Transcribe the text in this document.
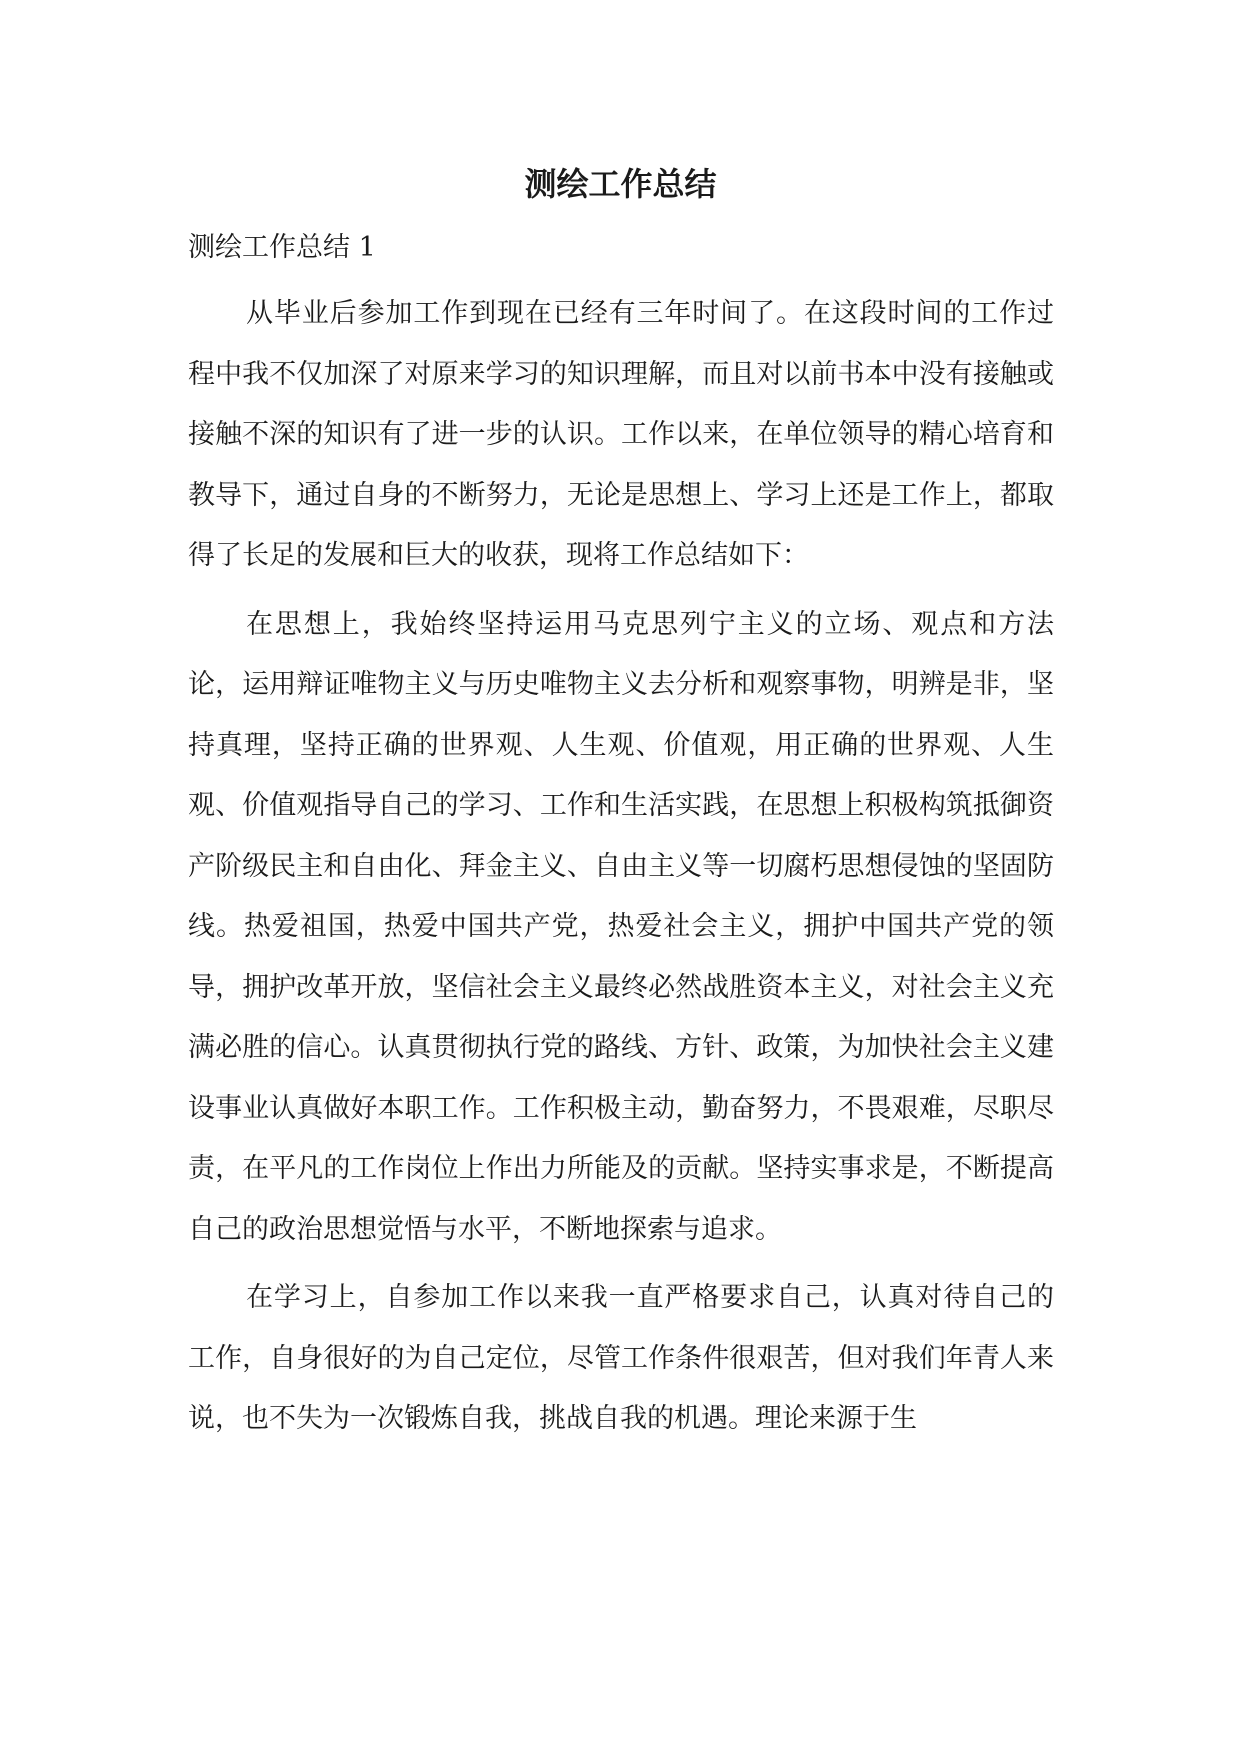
测绘工作总结

测绘工作总结 1

从毕业后参加工作到现在已经有三年时间了。在这段时间的工作过程中我不仅加深了对原来学习的知识理解，而且对以前书本中没有接触或接触不深的知识有了进一步的认识。工作以来，在单位领导的精心培育和教导下，通过自身的不断努力，无论是思想上、学习上还是工作上，都取得了长足的发展和巨大的收获，现将工作总结如下：

在思想上，我始终坚持运用马克思列宁主义的立场、观点和方法论，运用辩证唯物主义与历史唯物主义去分析和观察事物，明辨是非，坚持真理，坚持正确的世界观、人生观、价值观，用正确的世界观、人生观、价值观指导自己的学习、工作和生活实践，在思想上积极构筑抵御资产阶级民主和自由化、拜金主义、自由主义等一切腐朽思想侵蚀的坚固防线。热爱祖国，热爱中国共产党，热爱社会主义，拥护中国共产党的领导，拥护改革开放，坚信社会主义最终必然战胜资本主义，对社会主义充满必胜的信心。认真贯彻执行党的路线、方针、政策，为加快社会主义建设事业认真做好本职工作。工作积极主动，勤奋努力，不畏艰难，尽职尽责，在平凡的工作岗位上作出力所能及的贡献。坚持实事求是，不断提高自己的政治思想觉悟与水平，不断地探索与追求。

在学习上，自参加工作以来我一直严格要求自己，认真对待自己的工作，自身很好的为自己定位，尽管工作条件很艰苦，但对我们年青人来说，也不失为一次锻炼自我，挑战自我的机遇。理论来源于生
